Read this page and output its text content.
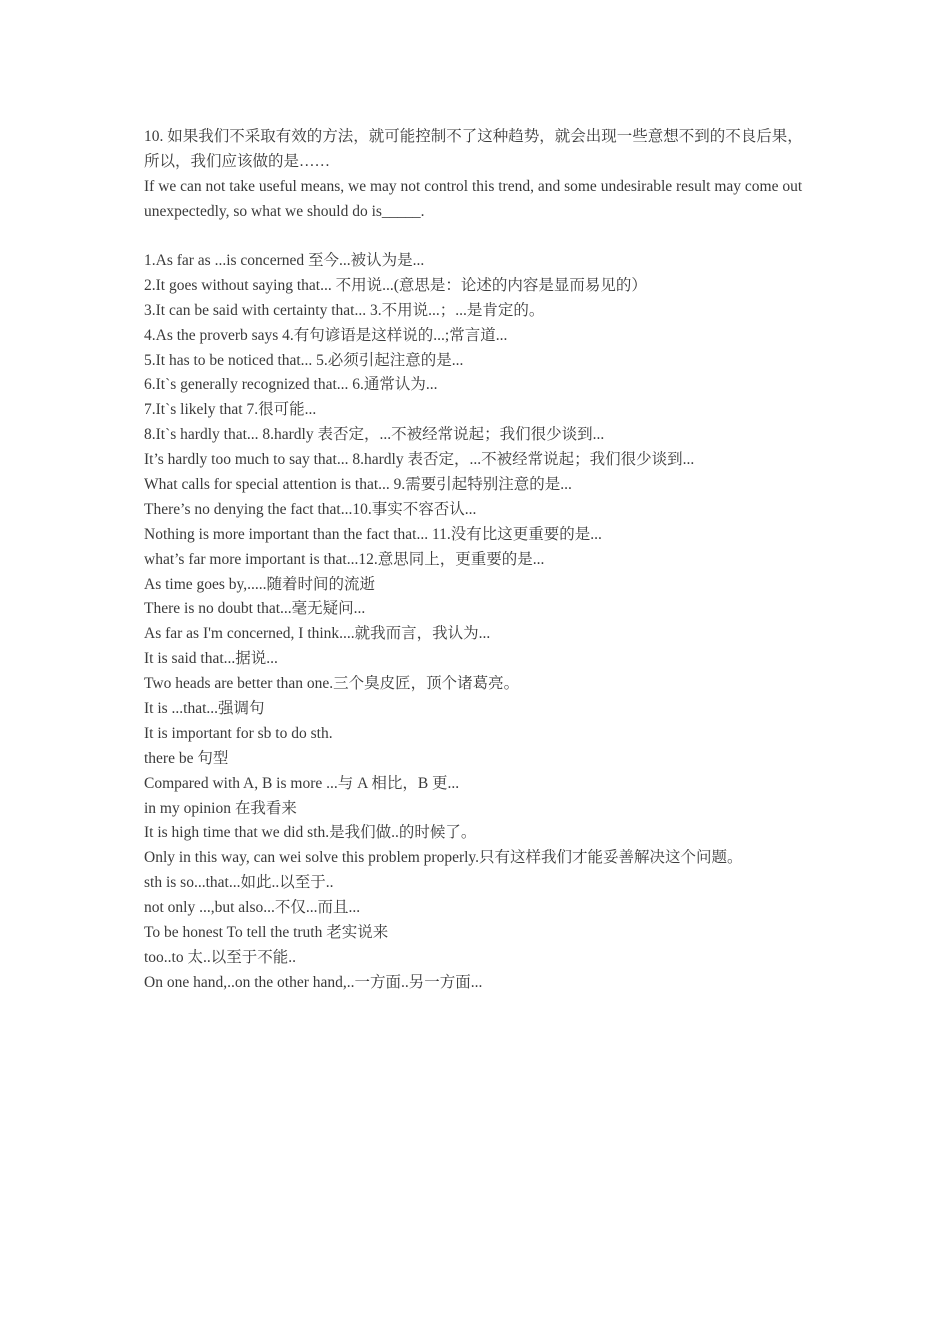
10. 如果我们不采取有效的方法，就可能控制不了这种趋势，就会出现一些意想不到的不良后果，所以，我们应该做的是……

If we can not take useful means, we may not control this trend, and some undesirable result may come out unexpectedly, so what we should do is_____.

1.As far as ...is concerned 至今...被认为是...
2.It goes without saying that... 不用说...(意思是：论述的内容是显而易见的）
3.It can be said with certainty that... 3.不用说...；...是肯定的。
4.As the proverb says 4.有句谚语是这样说的...;常言道...
5.It has to be noticed that... 5.必须引起注意的是...
6.It`s generally recognized that... 6.通常认为...
7.It`s likely that 7.很可能...
8.It`s hardly that... 8.hardly 表否定，...不被经常说起；我们很少谈到...
It’s hardly too much to say that... 8.hardly 表否定，...不被经常说起；我们很少谈到...
What calls for special attention is that... 9.需要引起特别注意的是...
There’s no denying the fact that...10.事实不容否认...
Nothing is more important than the fact that... 11.没有比这更重要的是...
what’s far more important is that...12.意思同上，更重要的是...
As time goes by,.....随着时间的流逝
There is no doubt that...毫无疑问...
As far as I'm concerned, I think....就我而言，我认为...
It is said that...据说...
Two heads are better than one.三个臭皮匠，顶个诸葛亮。
It is ...that...强调句
It is important for sb to do sth.
there be 句型
Compared with A, B is more ...与 A 相比，B 更...
in my opinion 在我看来
It is high time that we did sth.是我们做..的时候了。
Only in this way, can wei solve this problem properly.只有这样我们才能妥善解决这个问题。
sth is so...that...如此..以至于..
not only ...,but also...不仅...而且...
To be honest To tell the truth 老实说来
too..to 太..以至于不能..
On one hand,..on the other hand,..一方面..另一方面...
